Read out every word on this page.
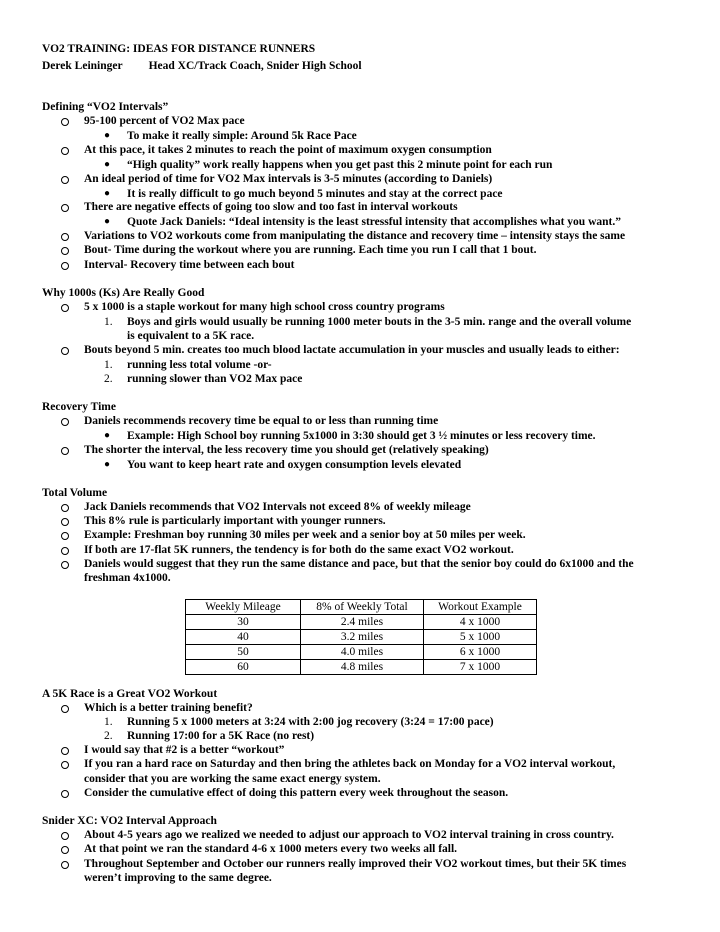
VO2 TRAINING: IDEAS FOR DISTANCE RUNNERS
Derek Leininger Head XC/Track Coach, Snider High School
Defining “VO2 Intervals”
95-100 percent of VO2 Max pace
● To make it really simple: Around 5k Race Pace
At this pace, it takes 2 minutes to reach the point of maximum oxygen consumption
● “High quality” work really happens when you get past this 2 minute point for each run
An ideal period of time for VO2 Max intervals is 3-5 minutes (according to Daniels)
● It is really difficult to go much beyond 5 minutes and stay at the correct pace
There are negative effects of going too slow and too fast in interval workouts
● Quote Jack Daniels: “Ideal intensity is the least stressful intensity that accomplishes what you want.”
Variations to VO2 workouts come from manipulating the distance and recovery time – intensity stays the same
Bout- Time during the workout where you are running. Each time you run I call that 1 bout.
Interval- Recovery time between each bout
Why 1000s (Ks) Are Really Good
5 x 1000 is a staple workout for many high school cross country programs
1. Boys and girls would usually be running 1000 meter bouts in the 3-5 min. range and the overall volume
is equivalent to a 5K race.
Bouts beyond 5 min. creates too much blood lactate accumulation in your muscles and usually leads to either:
1. running less total volume -or-
2. running slower than VO2 Max pace
Recovery Time
Daniels recommends recovery time be equal to or less than running time
● Example: High School boy running 5x1000 in 3:30 should get 3 ½ minutes or less recovery time.
The shorter the interval, the less recovery time you should get (relatively speaking)
● You want to keep heart rate and oxygen consumption levels elevated
Total Volume
Jack Daniels recommends that VO2 Intervals not exceed 8% of weekly mileage
This 8% rule is particularly important with younger runners.
Example: Freshman boy running 30 miles per week and a senior boy at 50 miles per week.
If both are 17-flat 5K runners, the tendency is for both do the same exact VO2 workout.
Daniels would suggest that they run the same distance and pace, but that the senior boy could do 6x1000 and the
freshman 4x1000.
Weekly Mileage	8% of Weekly Total	Workout Example
30	2.4 miles	4 x 1000
40	3.2 miles	5 x 1000
50	4.0 miles	6 x 1000
60	4.8 miles	7 x 1000
A 5K Race is a Great VO2 Workout
Which is a better training benefit?
1. Running 5 x 1000 meters at 3:24 with 2:00 jog recovery (3:24 = 17:00 pace)
2. Running 17:00 for a 5K Race (no rest)
I would say that #2 is a better “workout”
If you ran a hard race on Saturday and then bring the athletes back on Monday for a VO2 interval workout,
consider that you are working the same exact energy system.
Consider the cumulative effect of doing this pattern every week throughout the season.
Snider XC: VO2 Interval Approach
About 4-5 years ago we realized we needed to adjust our approach to VO2 interval training in cross country.
At that point we ran the standard 4-6 x 1000 meters every two weeks all fall.
Throughout September and October our runners really improved their VO2 workout times, but their 5K times
weren’t improving to the same degree.
